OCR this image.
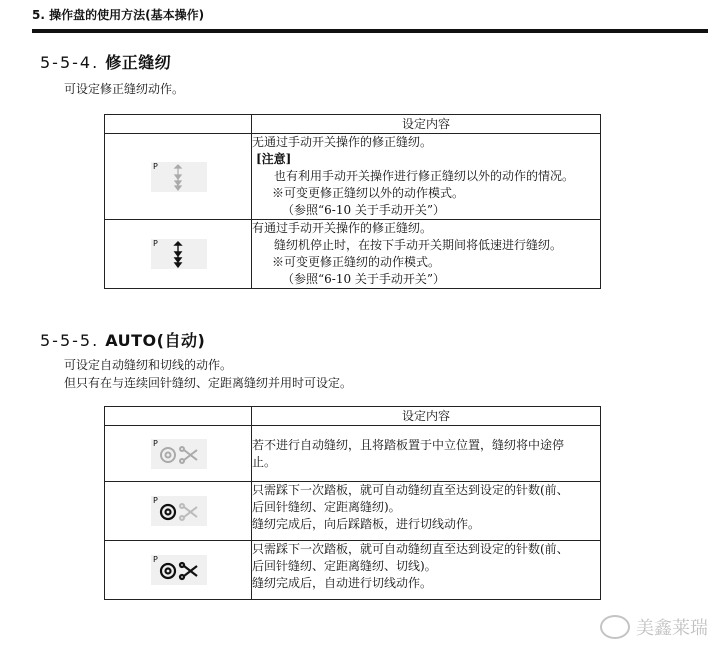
5. 操作盘的使用方法(基本操作)
5-5-4. 修正缝纫
可设定修正缝纫动作。
	设定内容

P	无通过手动开关操作的修正缝纫。
[注意]
也有利用手动开关操作进行修正缝纫以外的动作的情况。
※可变更修正缝纫以外的动作模式。
（参照“6-10 关于手动开关”）

P	有通过手动开关操作的修正缝纫。
缝纫机停止时，在按下手动开关期间将低速进行缝纫。
※可变更修正缝纫的动作模式。
（参照“6-10 关于手动开关”）
5-5-5. AUTO(自动)
可设定自动缝纫和切线的动作。
但只有在与连续回针缝纫、定距离缝纫并用时可设定。
	设定内容

P	若不进行自动缝纫，且将踏板置于中立位置，缝纫将中途停
止。

P	只需踩下一次踏板，就可自动缝纫直至达到设定的针数(前、
后回针缝纫、定距离缝纫)。
缝纫完成后，向后踩踏板，进行切线动作。

P	只需踩下一次踏板，就可自动缝纫直至达到设定的针数(前、
后回针缝纫、定距离缝纫、切线)。
缝纫完成后，自动进行切线动作。
美鑫莱瑞
